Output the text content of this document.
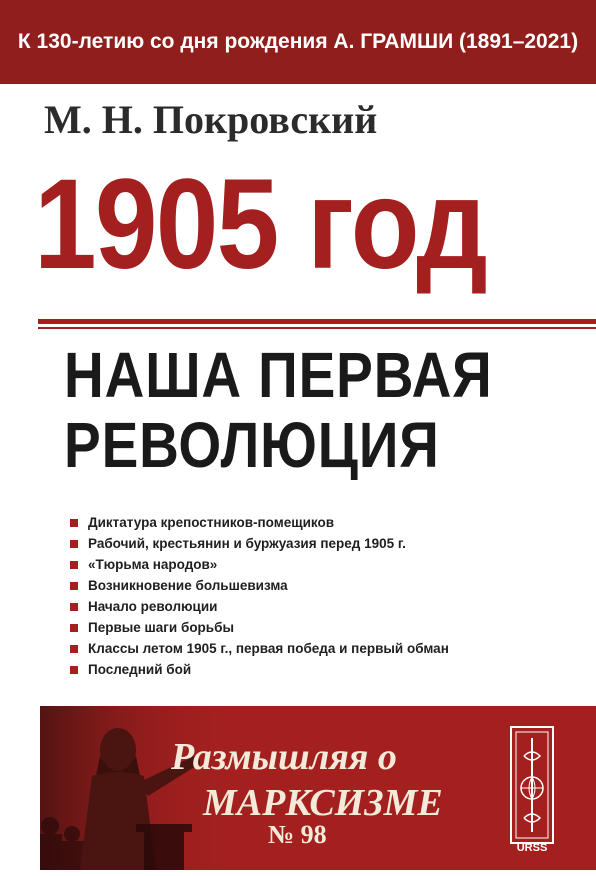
К 130-летию со дня рождения А. ГРАМШИ (1891–2021)
М. Н. Покровский
1905 год
НАША ПЕРВАЯ
РЕВОЛЮЦИЯ
Диктатура крепостников-помещиков
Рабочий, крестьянин и буржуазия перед 1905 г.
«Тюрьма народов»
Возникновение большевизма
Начало революции
Первые шаги борьбы
Классы летом 1905 г., первая победа и первый обман
Последний бой
Размышляя о
МАРКСИЗМЕ
№ 98	URSS
